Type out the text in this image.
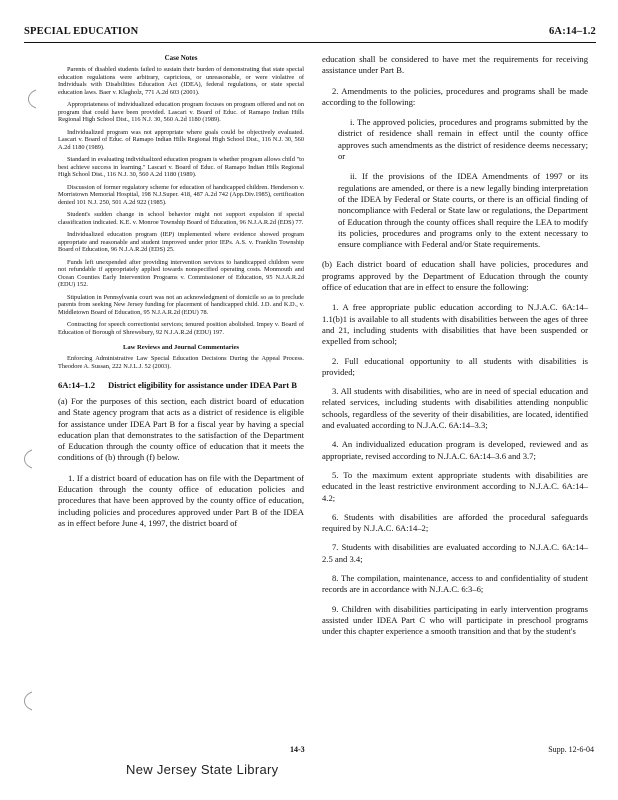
SPECIAL EDUCATION	6A:14–1.2
Case Notes

Parents of disabled students failed to sustain their burden of demonstrating that state special education regulations were arbitrary, capricious, or unreasonable, or were violative of Individuals with Disabilities Education Act (IDEA), federal regulations, or state special education laws. Baer v. Klagholz, 771 A.2d 603 (2001).

Appropriateness of individualized education program focuses on program offered and not on program that could have been provided. Lascari v. Board of Educ. of Ramapo Indian Hills Regional High School Dist., 116 N.J. 30, 560 A.2d 1180 (1989).

Individualized program was not appropriate where goals could be objectively evaluated. Lascari v. Board of Educ. of Ramapo Indian Hills Regional High School Dist., 116 N.J. 30, 560 A.2d 1180 (1989).

Standard in evaluating individualized education program is whether program allows child "to best achieve success in learning." Lascari v. Board of Educ. of Ramapo Indian Hills Regional High School Dist., 116 N.J. 30, 560 A.2d 1180 (1989).

Discussion of former regulatory scheme for education of handicapped children. Henderson v. Morristown Memorial Hospital, 198 N.J.Super. 418, 487 A.2d 742 (App.Div.1985), certification denied 101 N.J. 250, 501 A.2d 922 (1985).

Student's sudden change in school behavior might not support expulsion if special classification indicated. K.E. v. Monroe Township Board of Education, 96 N.J.A.R.2d (EDS) 77.

Individualized education program (IEP) implemented where evidence showed program appropriate and reasonable and student improved under prior IEPs. A.S. v. Franklin Township Board of Education, 96 N.J.A.R.2d (EDS) 25.

Funds left unexpended after providing intervention services to handicapped children were not refundable if appropriately applied towards nonspecified operating costs. Monmouth and Ocean Counties Early Intervention Programs v. Commissioner of Education, 95 N.J.A.R.2d (EDU) 152.

Stipulation in Pennsylvania court was not an acknowledgment of domicile so as to preclude parents from seeking New Jersey funding for placement of handicapped child. J.D. and K.D., v. Middletown Board of Education, 95 N.J.A.R.2d (EDU) 78.

Contracting for speech correctionist services; tenured position abolished. Impey v. Board of Education of Borough of Shrewsbury, 92 N.J.A.R.2d (EDU) 197.

Law Reviews and Journal Commentaries

Enforcing Administrative Law Special Education Decisions During the Appeal Process. Theodore A. Sussan, 222 N.J.L.J. 52 (2003).

6A:14–1.2 District eligibility for assistance under IDEA Part B

(a) For the purposes of this section, each district board of education and State agency program that acts as a district of residence is eligible for assistance under IDEA Part B for a fiscal year by having a special education plan that demonstrates to the satisfaction of the Department of Education through the county office of education that it meets the conditions of (b) through (f) below.

1. If a district board of education has on file with the Department of Education through the county office of education policies and procedures that have been approved by the county office of education, including policies and procedures approved under Part B of the IDEA as in effect before June 4, 1997, the district board of

education shall be considered to have met the requirements for receiving assistance under Part B.

2. Amendments to the policies, procedures and programs shall be made according to the following:

i. The approved policies, procedures and programs submitted by the district of residence shall remain in effect until the county office approves such amendments as the district of residence deems necessary; or

ii. If the provisions of the IDEA Amendments of 1997 or its regulations are amended, or there is a new legally binding interpretation of the IDEA by Federal or State courts, or there is an official finding of noncompliance with Federal or State law or regulations, the Department of Education through the county offices shall require the LEA to modify its policies, procedures and programs only to the extent necessary to ensure compliance with Federal and/or State requirements.

(b) Each district board of education shall have policies, procedures and programs approved by the Department of Education through the county office of education that are in effect to ensure the following:

1. A free appropriate public education according to N.J.A.C. 6A:14–1.1(b)1 is available to all students with disabilities between the ages of three and 21, including students with disabilities that have been suspended or expelled from school;

2. Full educational opportunity to all students with disabilities is provided;

3. All students with disabilities, who are in need of special education and related services, including students with disabilities attending nonpublic schools, regardless of the severity of their disabilities, are located, identified and evaluated according to N.J.A.C. 6A:14–3.3;

4. An individualized education program is developed, reviewed and as appropriate, revised according to N.J.A.C. 6A:14–3.6 and 3.7;

5. To the maximum extent appropriate students with disabilities are educated in the least restrictive environment according to N.J.A.C. 6A:14–4.2;

6. Students with disabilities are afforded the procedural safeguards required by N.J.A.C. 6A:14–2;

7. Students with disabilities are evaluated according to N.J.A.C. 6A:14–2.5 and 3.4;

8. The compilation, maintenance, access to and confidentiality of student records are in accordance with N.J.A.C. 6:3–6;

9. Children with disabilities participating in early intervention programs assisted under IDEA Part C who will participate in preschool programs under this chapter experience a smooth transition and that by the student's

14-3	Supp. 12-6-04
New Jersey State Library
